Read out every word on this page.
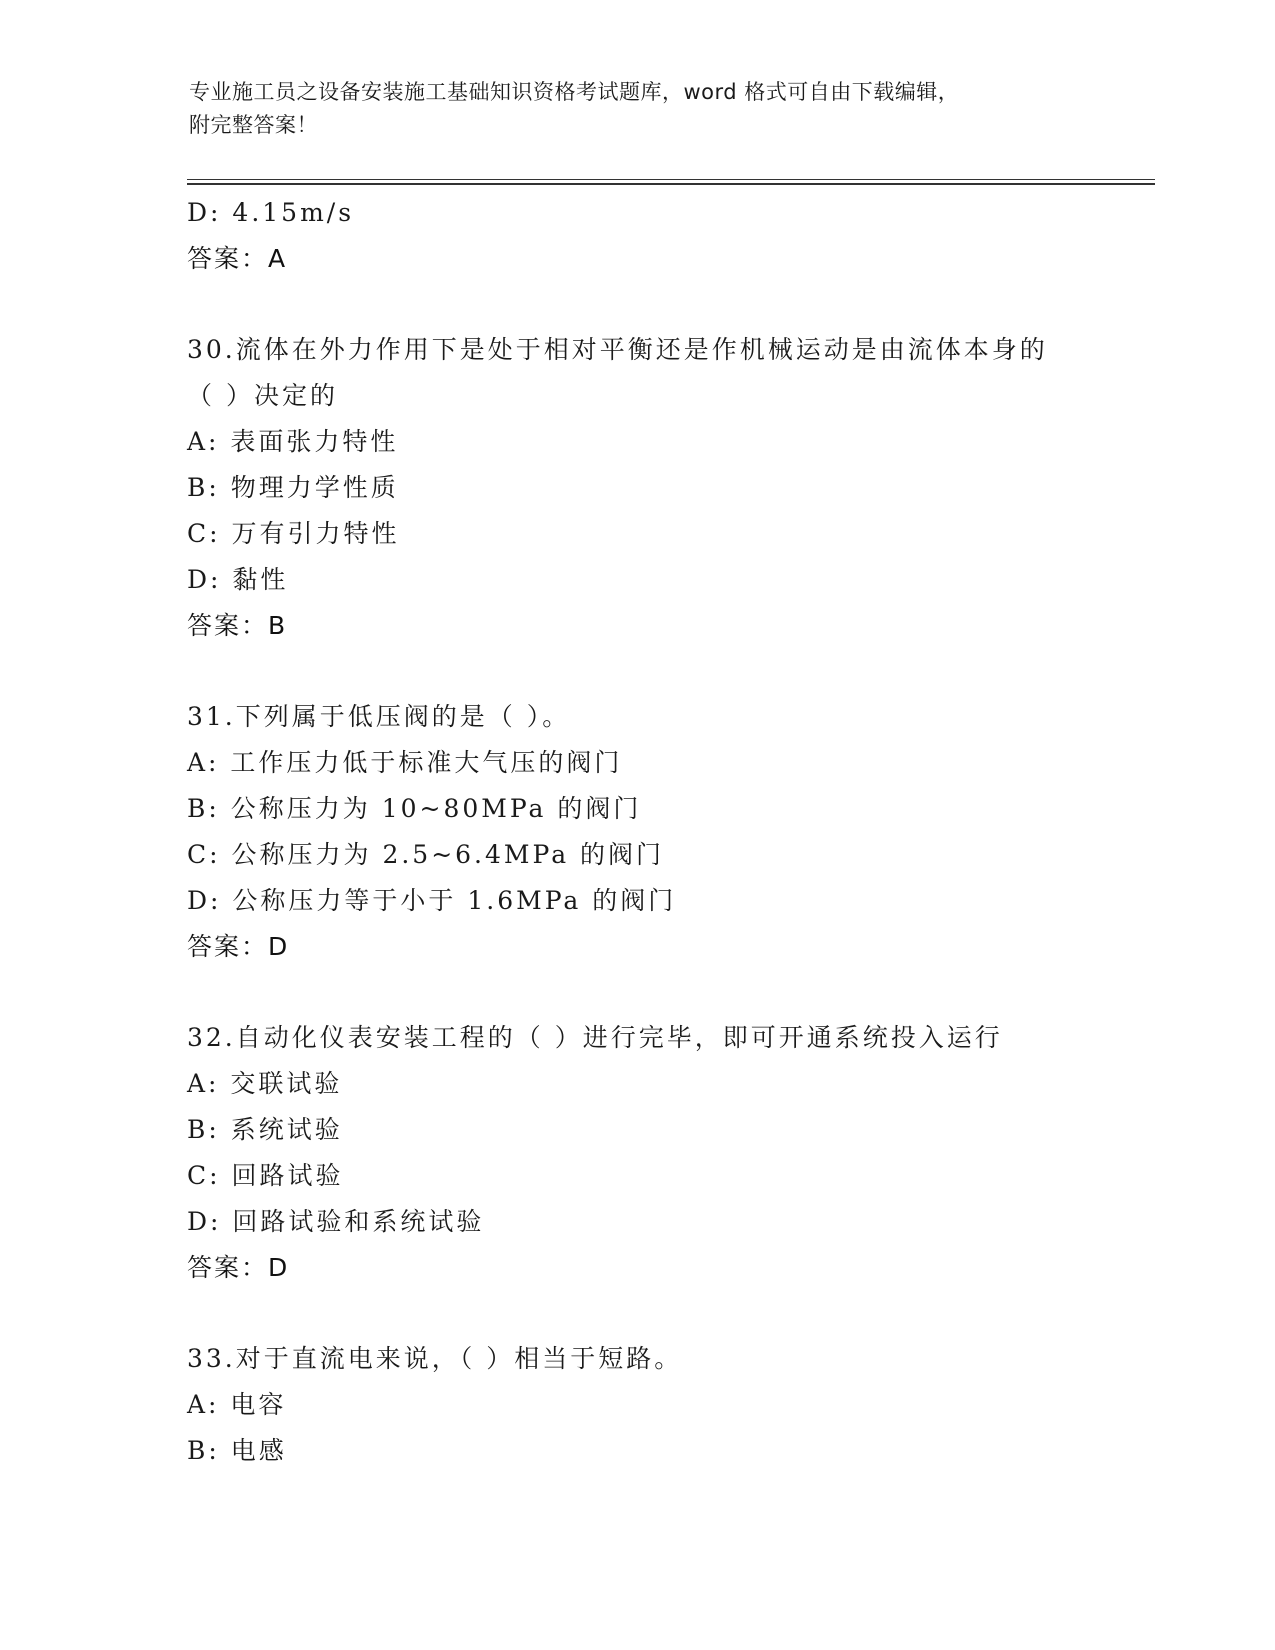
专业施工员之设备安装施工基础知识资格考试题库，word 格式可自由下载编辑，
附完整答案！
D: 4.15m/s
答案：A
30.流体在外力作用下是处于相对平衡还是作机械运动是由流体本身的
（ ）决定的
A: 表面张力特性
B: 物理力学性质
C: 万有引力特性
D: 黏性
答案：B
31.下列属于低压阀的是（ ）。
A: 工作压力低于标准大气压的阀门
B: 公称压力为 10~80MPa 的阀门
C: 公称压力为 2.5~6.4MPa 的阀门
D: 公称压力等于小于 1.6MPa 的阀门
答案：D
32.自动化仪表安装工程的（ ）进行完毕，即可开通系统投入运行
A: 交联试验
B: 系统试验
C: 回路试验
D: 回路试验和系统试验
答案：D
33.对于直流电来说，（ ）相当于短路。
A: 电容
B: 电感
